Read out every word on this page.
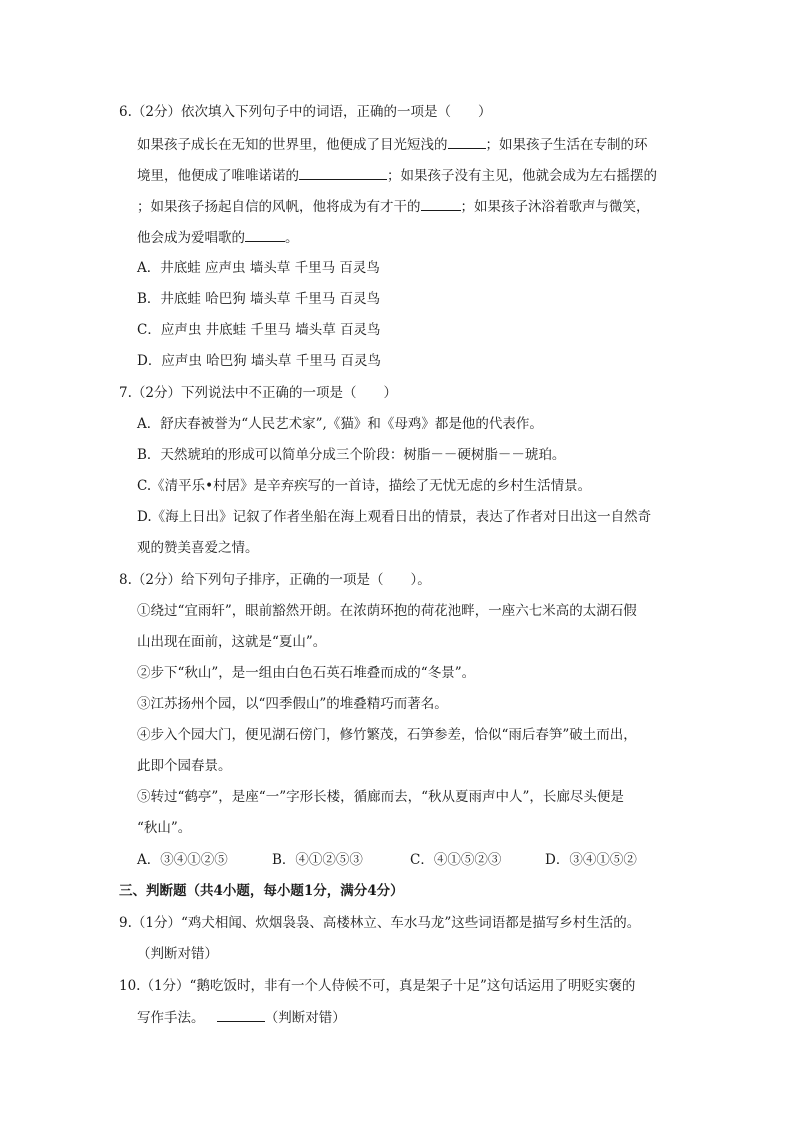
6.（2分）依次填入下列句子中的词语，正确的一项是（　　）
如果孩子成长在无知的世界里，他便成了目光短浅的	；如果孩子生活在专制的环
境里，他便成了唯唯诺诺的	；如果孩子没有主见，他就会成为左右摇摆的
；如果孩子扬起自信的风帆，他将成为有才干的	；如果孩子沐浴着歌声与微笑，
他会成为爱唱歌的	。
A．井底蛙 应声虫 墙头草 千里马 百灵鸟
B．井底蛙 哈巴狗 墙头草 千里马 百灵鸟
C．应声虫 井底蛙 千里马 墙头草 百灵鸟
D．应声虫 哈巴狗 墙头草 千里马 百灵鸟
7.（2分）下列说法中不正确的一项是（　　）
A．舒庆春被誉为“人民艺术家”,《猫》和《母鸡》都是他的代表作。
B．天然琥珀的形成可以简单分成三个阶段：树脂－－硬树脂－－琥珀。
C.《清平乐•村居》是辛弃疾写的一首诗，描绘了无忧无虑的乡村生活情景。
D.《海上日出》记叙了作者坐船在海上观看日出的情景，表达了作者对日出这一自然奇
观的赞美喜爱之情。
8.（2分）给下列句子排序，正确的一项是（　　）。
①绕过“宜雨轩”，眼前豁然开朗。在浓荫环抱的荷花池畔，一座六七米高的太湖石假
山出现在面前，这就是“夏山”。
②步下“秋山”，是一组由白色石英石堆叠而成的“冬景”。
③江苏扬州个园，以“四季假山”的堆叠精巧而著名。
④步入个园大门，便见湖石傍门，修竹繁茂，石笋参差，恰似“雨后春笋”破土而出，
此即个园春景。
⑤转过“鹤亭”，是座“一”字形长楼，循廊而去，“秋从夏雨声中人”，长廊尽头便是
“秋山”。
A．③④①②⑤	B．④①②⑤③	C．④①⑤②③	D．③④①⑤②
三、判断题（共4小题，每小题1分，满分4分）
9.（1分）“鸡犬相闻、炊烟袅袅、高楼林立、车水马龙”这些词语都是描写乡村生活的。
（判断对错）
10.（1分）“鹅吃饭时，非有一个人侍候不可，真是架子十足”这句话运用了明贬实褒的
写作手法。	（判断对错）
